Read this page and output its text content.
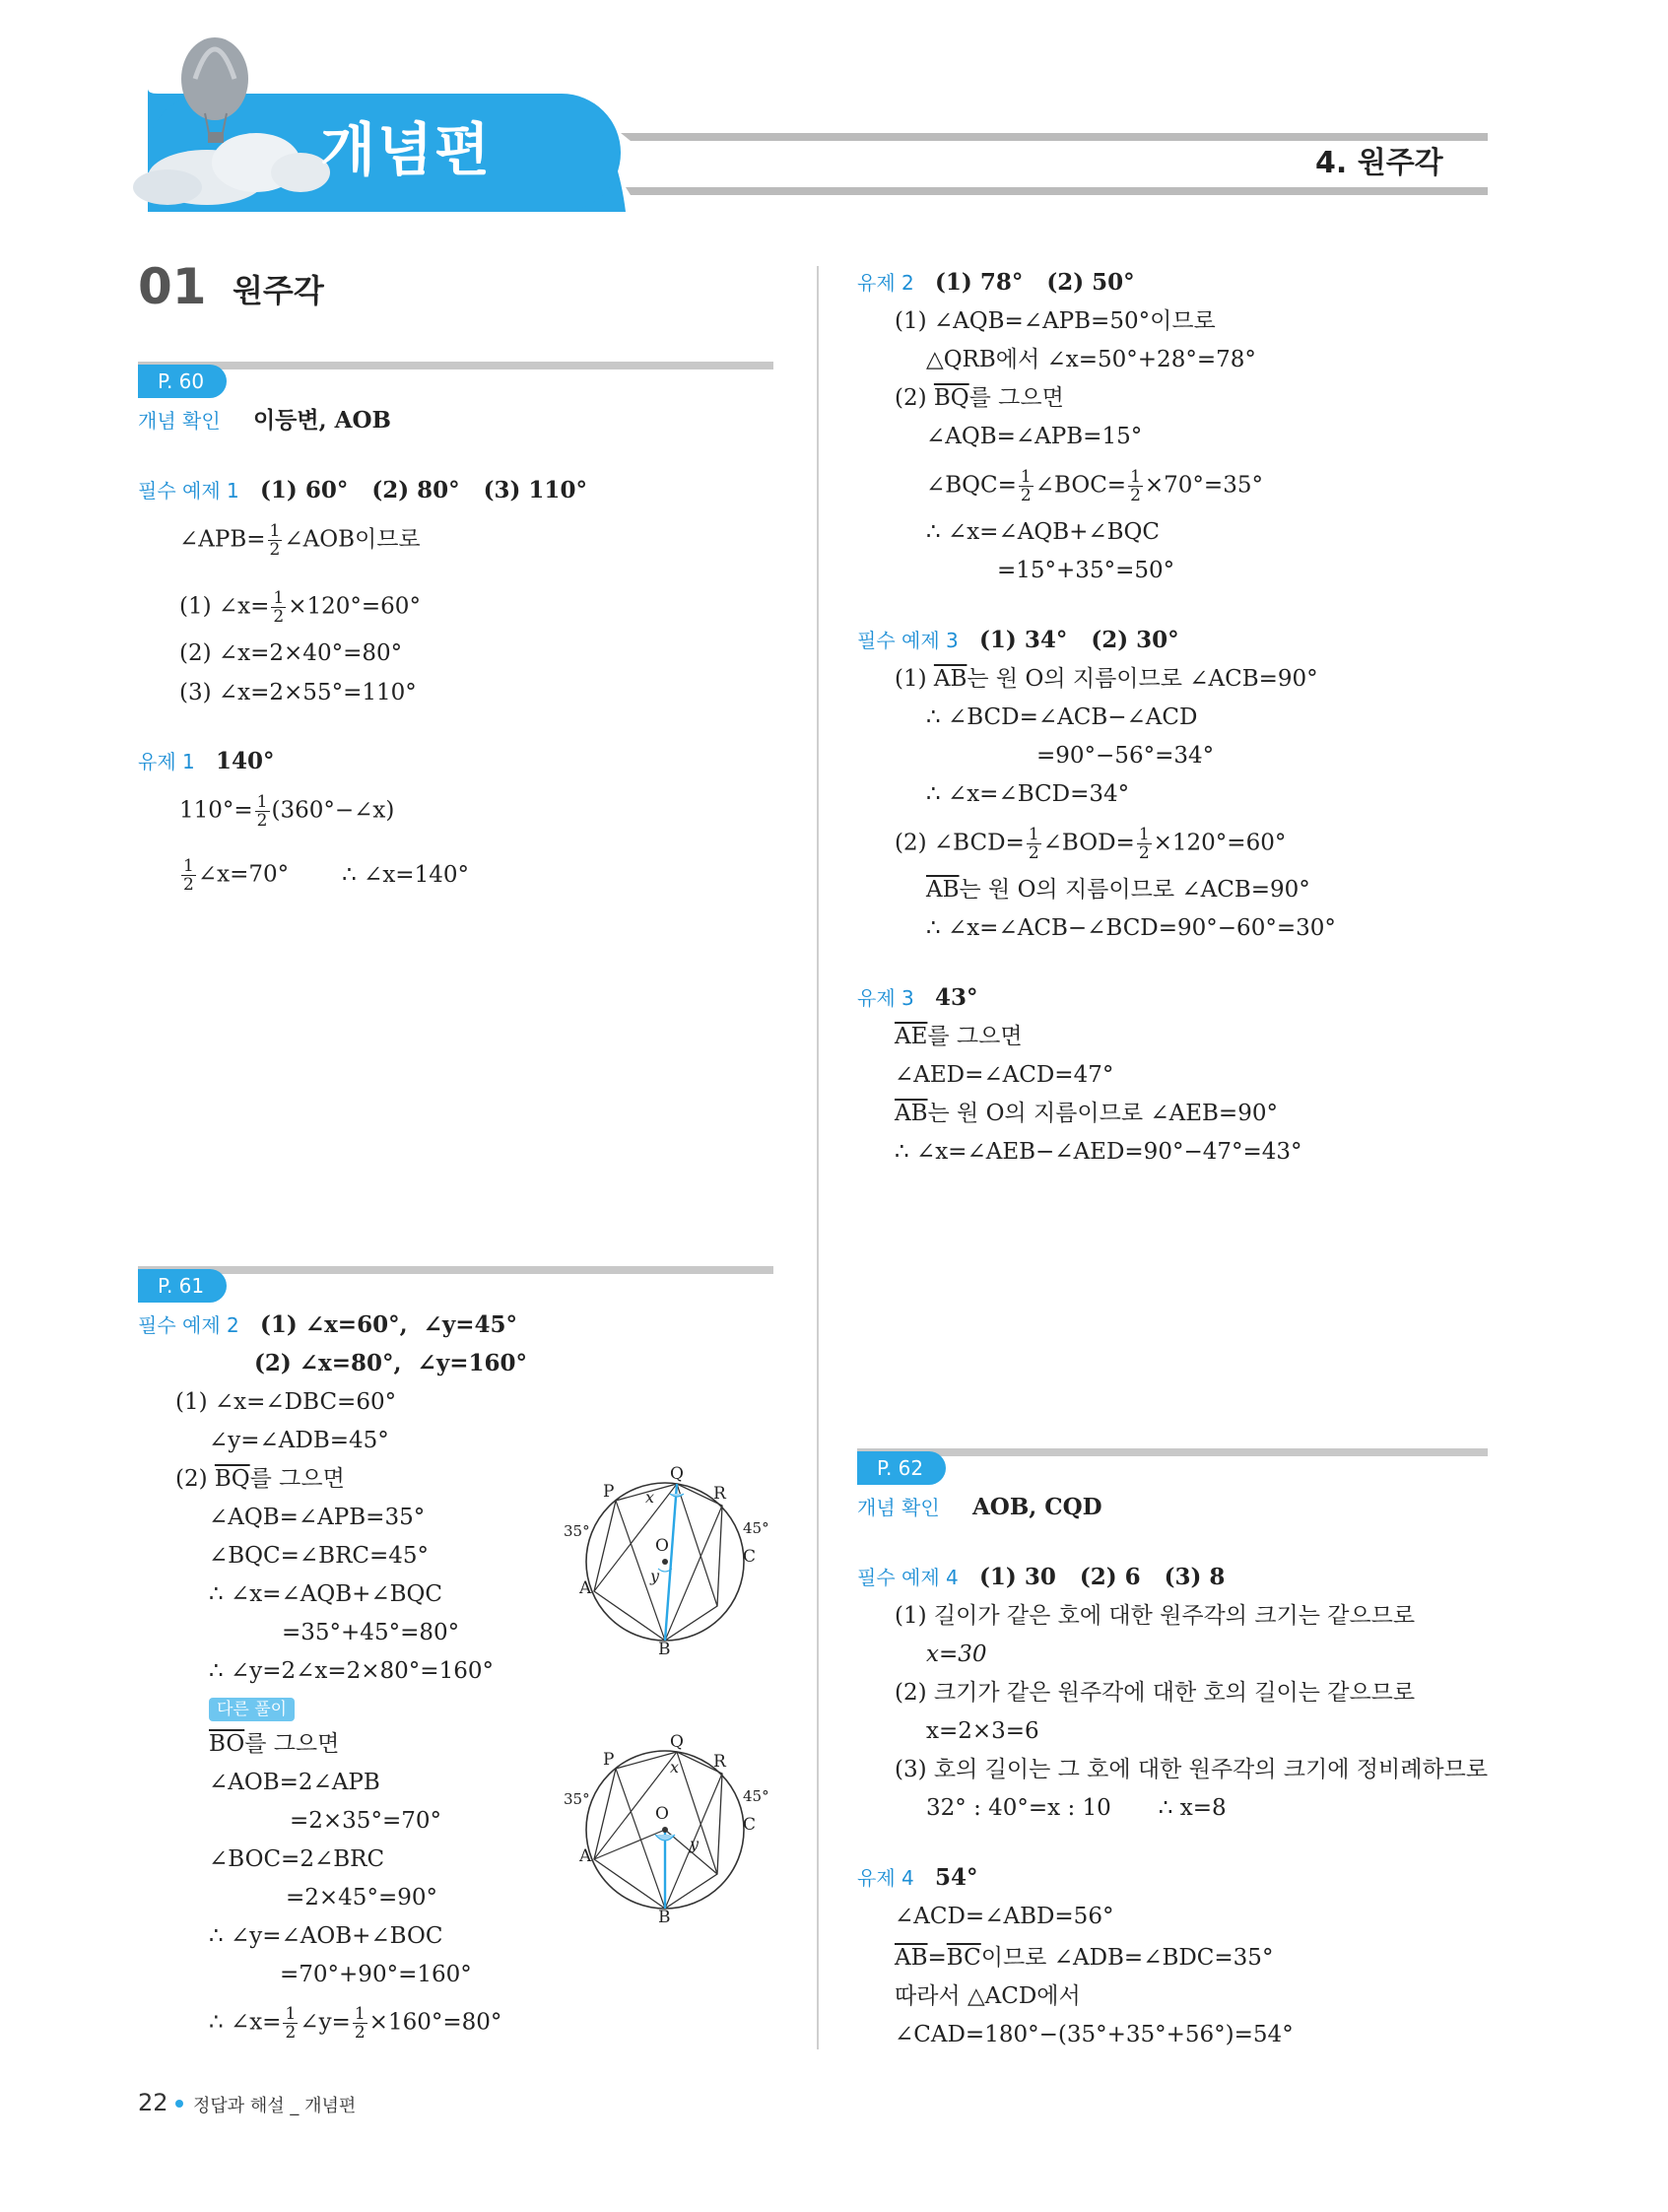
개념편	4. 원주각
01 원주각
P. 60
개념 확인 이등변, AOB
필수 예제 1 (1) 60°   (2) 80°   (3) 110°
∠APB= $\frac{1}{2}$ ∠AOB이므로
(1) ∠x= $\frac{1}{2} \times 120^\circ=60^\circ$
(2) ∠x=2×40°=80°
(3) ∠x=2×55°=110°
유제 1 140°
$110^\circ= \frac{1}{2}$ (360°−∠x)
$\frac{1}{2}$ ∠x=70° ∴ ∠x=140°
P. 61
필수 예제 2 (1) ∠x=60°,  ∠y=45°
(2) ∠x=80°,  ∠y=160°
(1) ∠x=∠DBC=60°
∠y=∠ADB=45°
(2) $\overline{BQ}$를 그으면
∠AQB=∠APB=35°
∠BQC=∠BRC=45°
∴ ∠x=∠AQB+∠BQC
=35°+45°=80°
∴ ∠y=2∠x=2×80°=160°
다른 풀이
$\overline{BO}$를 그으면
∠AOB=2∠APB
=2×35°=70°
∠BOC=2∠BRC
=2×45°=90°
∴ ∠y=∠AOB+∠BOC
=70°+90°=160°
∴ ∠x= $\frac{1}{2}$ ∠y= $\frac{1}{2} \times 160^\circ=80^\circ$
P
Q
R
x
35°	45°
O
C
y
A
B
P
Q
R
x
35°	45°
O
C
y
A
B
유제 2 (1) 78°   (2) 50°
(1) ∠AQB=∠APB=50°이므로
△QRB에서 ∠x=50°+28°=78°
(2) $\overline{BQ}$를 그으면
∠AQB=∠APB=15°
∠BQC= $\frac{1}{2}$ ∠BOC= $\frac{1}{2} \times 70^\circ=35^\circ$
∴ ∠x=∠AQB+∠BQC
=15°+35°=50°
필수 예제 3 (1) 34°   (2) 30°
(1) $\overline{AB}$는 원 O의 지름이므로 ∠ACB=90°
∴ ∠BCD=∠ACB−∠ACD
=90°−56°=34°
∴ ∠x=∠BCD=34°
(2) ∠BCD= $\frac{1}{2}$ ∠BOD= $\frac{1}{2} \times 120^\circ=60^\circ$
$\overline{AB}$는 원 O의 지름이므로 ∠ACB=90°
∴ ∠x=∠ACB−∠BCD=90°−60°=30°
유제 3 43°
$\overline{AE}$를 그으면
∠AED=∠ACD=47°
$\overline{AB}$는 원 O의 지름이므로 ∠AEB=90°
∴ ∠x=∠AEB−∠AED=90°−47°=43°
P. 62
개념 확인 AOB, CQD
필수 예제 4 (1) 30   (2) 6   (3) 8
(1) 길이가 같은 호에 대한 원주각의 크기는 같으므로
x=30
(2) 크기가 같은 원주각에 대한 호의 길이는 같으므로
x=2×3=6
(3) 호의 길이는 그 호에 대한 원주각의 크기에 정비례하므로
32° : 40°=x : 10 ∴ x=8
유제 4 54°
∠ACD=∠ABD=56°
$\overline{AB}=\overline{BC}$이므로 ∠ADB=∠BDC=35°
따라서 △ACD에서
∠CAD=180°−(35°+35°+56°)=54°
22 정답과 해설 _ 개념편
